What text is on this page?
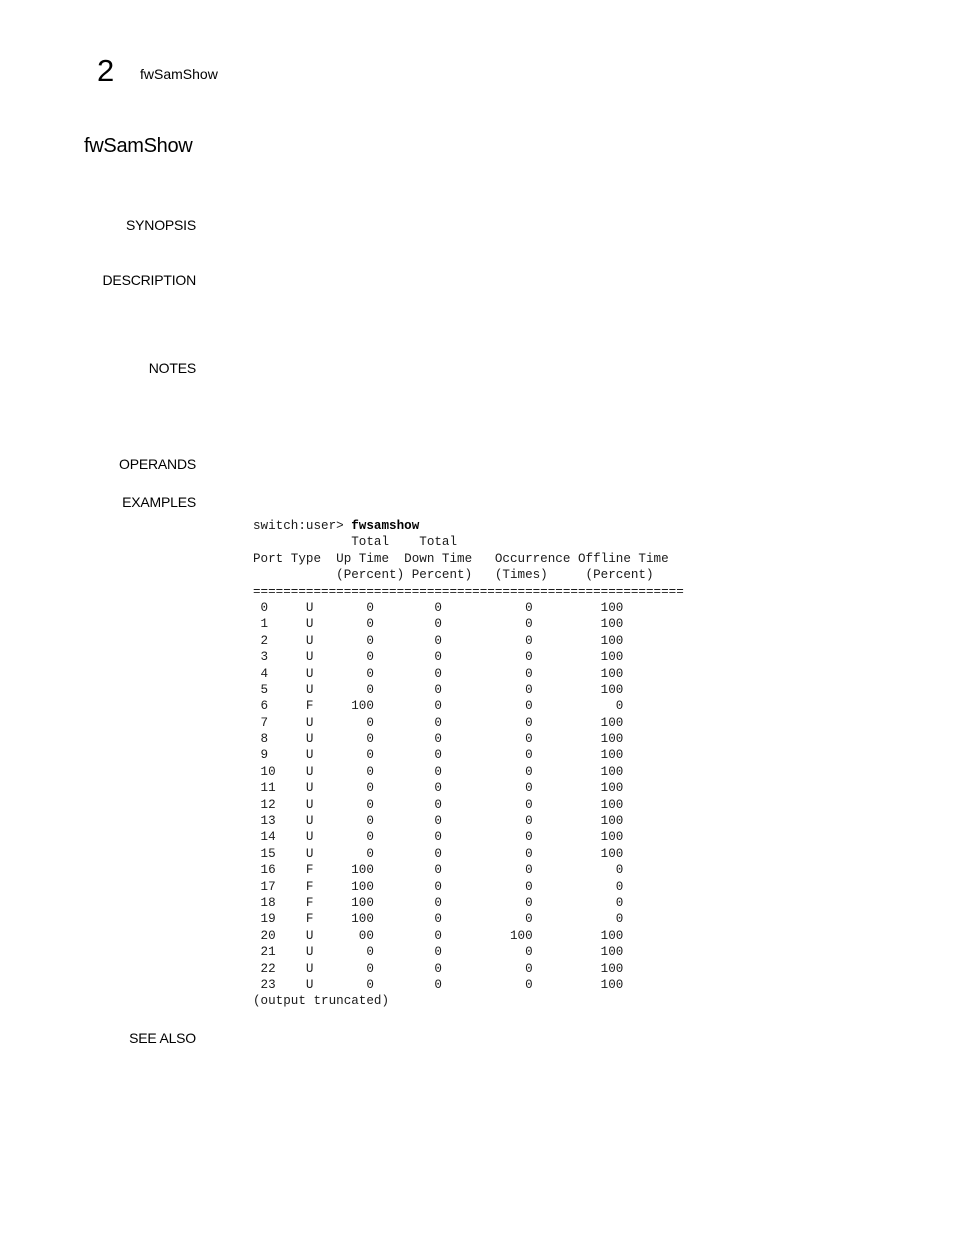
2 fwSamShow
fwSamShow
SYNOPSIS
DESCRIPTION
NOTES
OPERANDS
EXAMPLES
switch:user> fwsamshow
Total    Total
Port Type  Up Time  Down Time   Occurrence Offline Time
(Percent) Percent)   (Times)     (Percent)
=========================================================
0     U       0        0           0         100
1     U       0        0           0         100
2     U       0        0           0         100
3     U       0        0           0         100
4     U       0        0           0         100
5     U       0        0           0         100
6     F     100        0           0           0
7     U       0        0           0         100
8     U       0        0           0         100
9     U       0        0           0         100
10    U       0        0           0         100
11    U       0        0           0         100
12    U       0        0           0         100
13    U       0        0           0         100
14    U       0        0           0         100
15    U       0        0           0         100
16    F     100        0           0           0
17    F     100        0           0           0
18    F     100        0           0           0
19    F     100        0           0           0
20    U      00        0         100         100
21    U       0        0           0         100
22    U       0        0           0         100
23    U       0        0           0         100
(output truncated)
SEE ALSO
